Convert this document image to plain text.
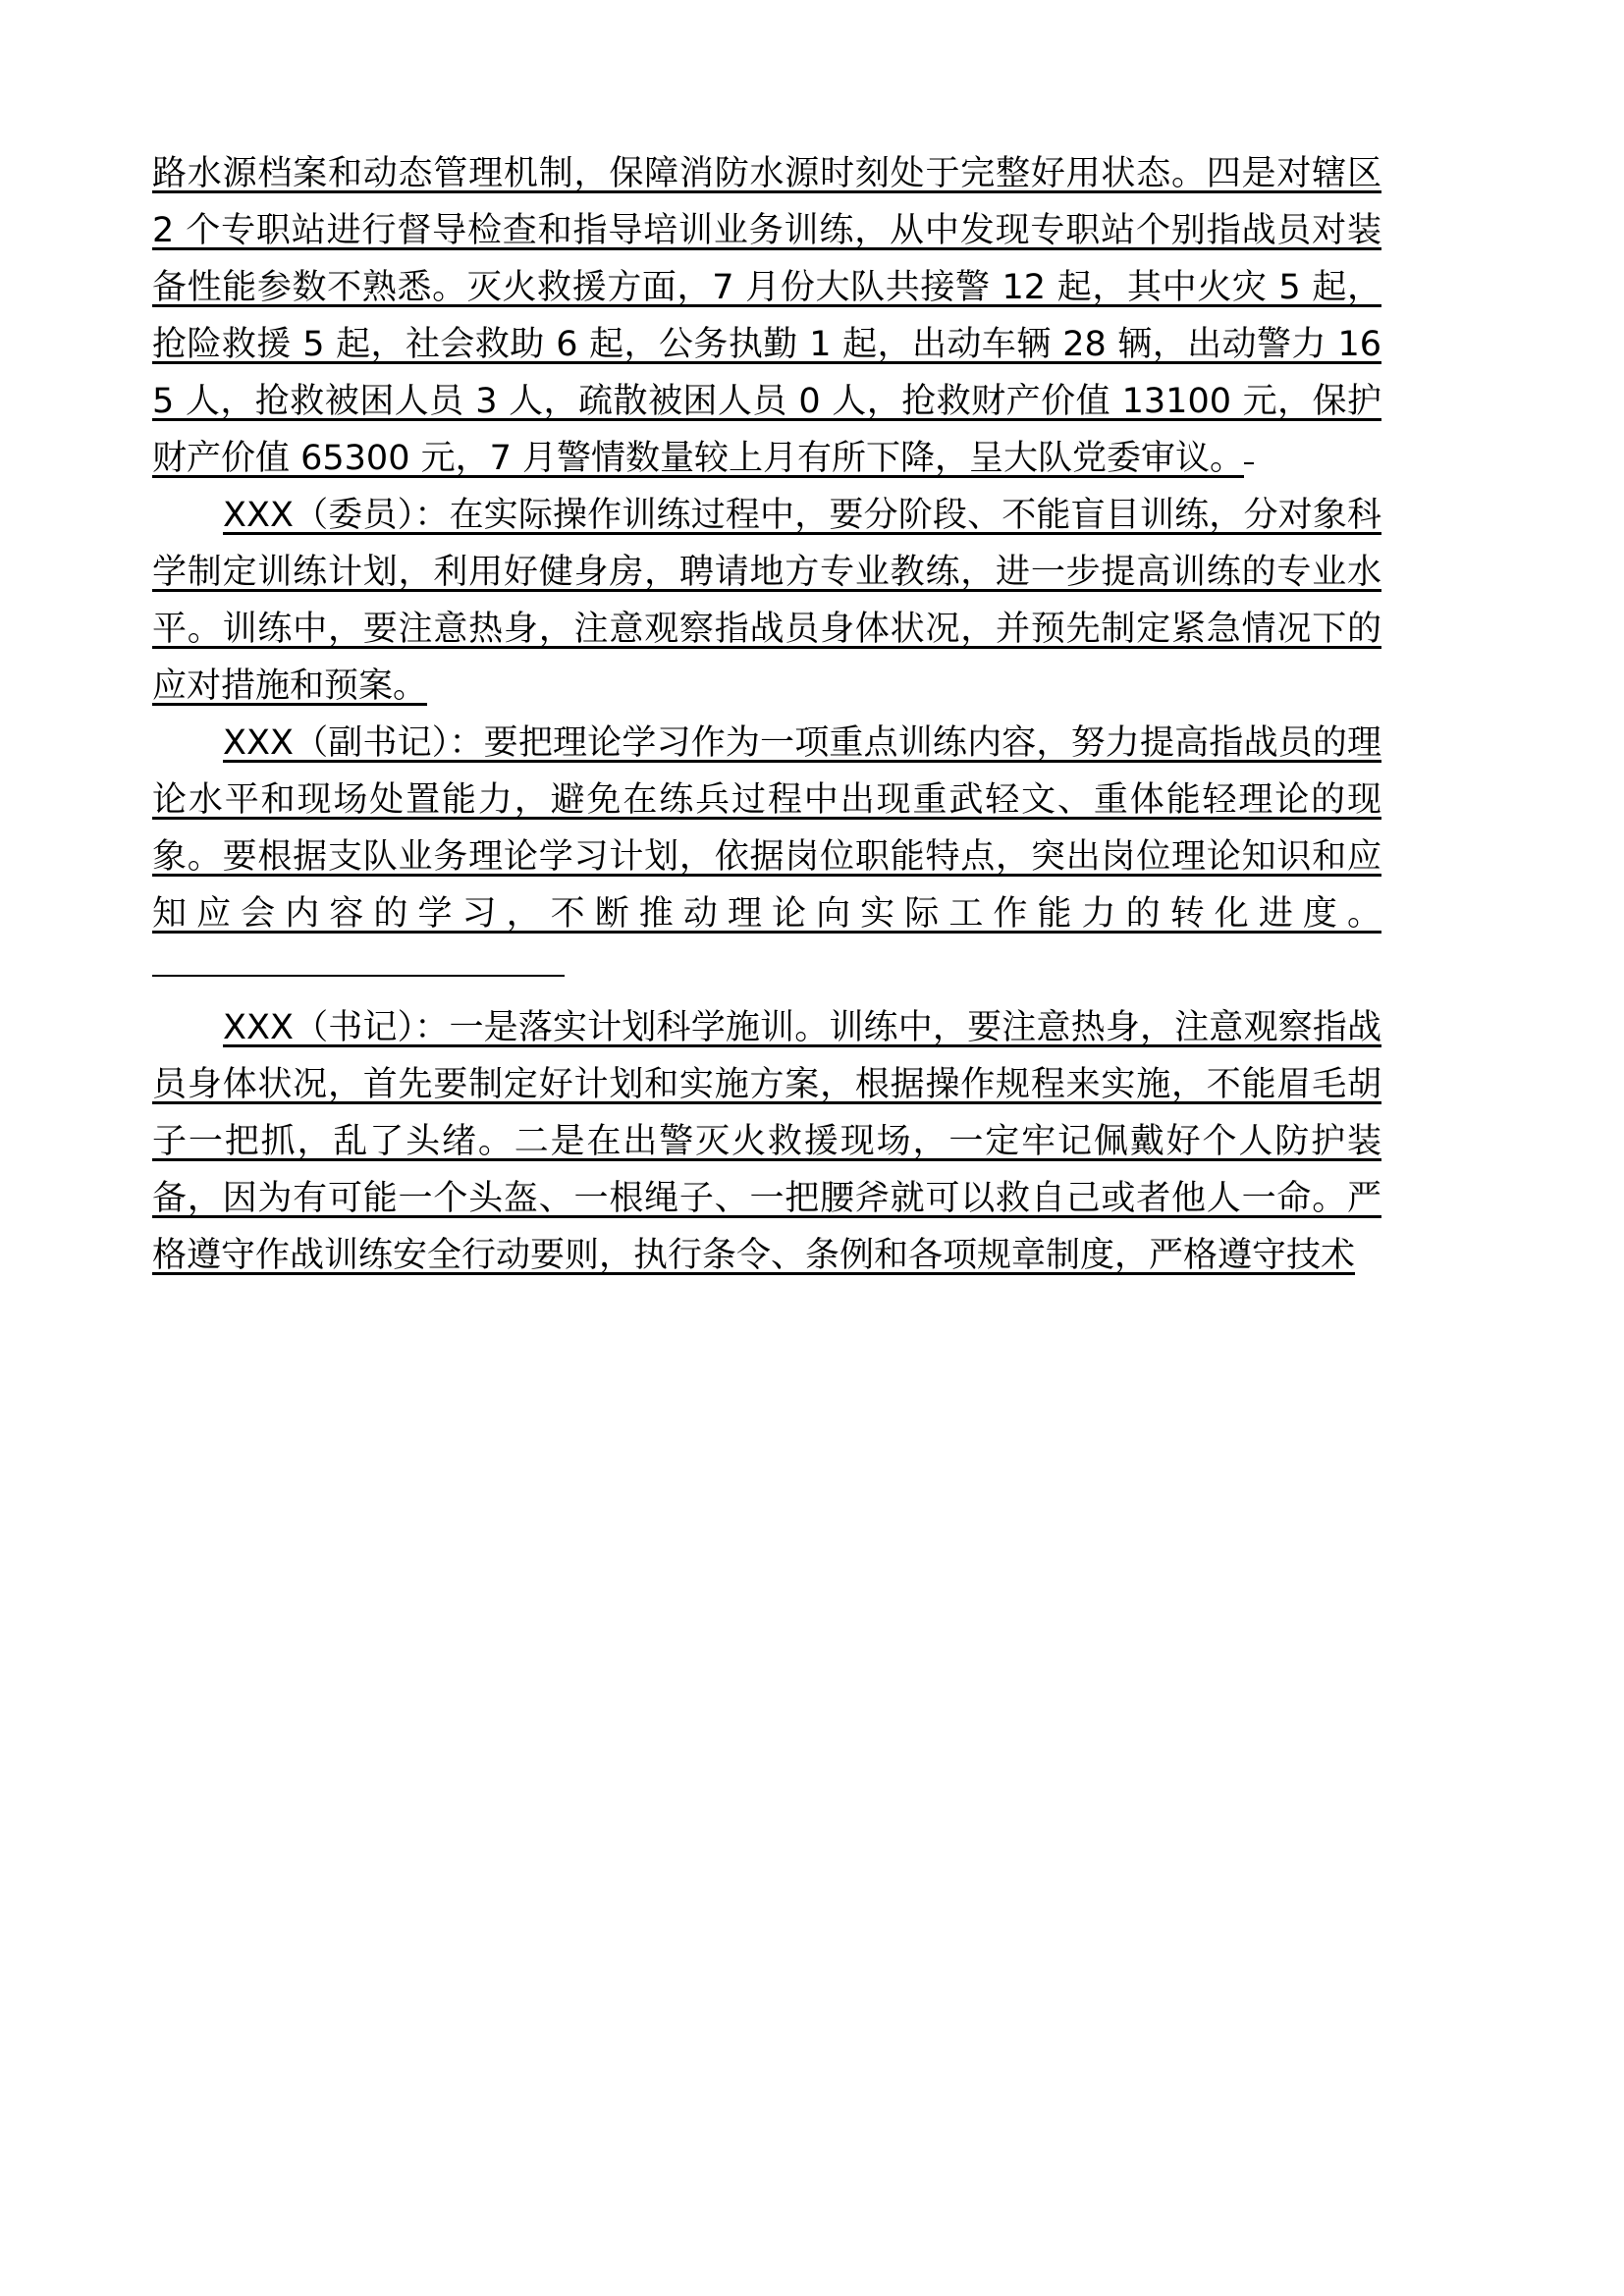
路水源档案和动态管理机制，保障消防水源时刻处于完整好用状态。四是对辖区 2 个专职站进行督导检查和指导培训业务训练，从中发现专职站个别指战员对装备性能参数不熟悉。灭火救援方面，7 月份大队共接警 12 起，其中火灾 5 起，抢险救援 5 起，社会救助 6 起，公务执勤 1 起，出动车辆 28 辆，出动警力 165 人，抢救被困人员 3 人，疏散被困人员 0 人，抢救财产价值 13100 元，保护财产价值 65300 元，7 月警情数量较上月有所下降，呈大队党委审议。

XXX（委员）：在实际操作训练过程中，要分阶段、不能盲目训练，分对象科学制定训练计划，利用好健身房，聘请地方专业教练，进一步提高训练的专业水平。训练中，要注意热身，注意观察指战员身体状况，并预先制定紧急情况下的应对措施和预案。

XXX（副书记）：要把理论学习作为一项重点训练内容，努力提高指战员的理论水平和现场处置能力，避免在练兵过程中出现重武轻文、重体能轻理论的现象。要根据支队业务理论学习计划，依据岗位职能特点，突出岗位理论知识和应知应会内容的学习，不断推动理论向实际工作能力的转化进度。

XXX（书记）：一是落实计划科学施训。训练中，要注意热身，注意观察指战员身体状况，首先要制定好计划和实施方案，根据操作规程来实施，不能眉毛胡子一把抓，乱了头绪。二是在出警灭火救援现场，一定牢记佩戴好个人防护装备，因为有可能一个头盔、一根绳子、一把腰斧就可以救自己或者他人一命。严格遵守作战训练安全行动要则，执行条令、条例和各项规章制度，严格遵守技术
